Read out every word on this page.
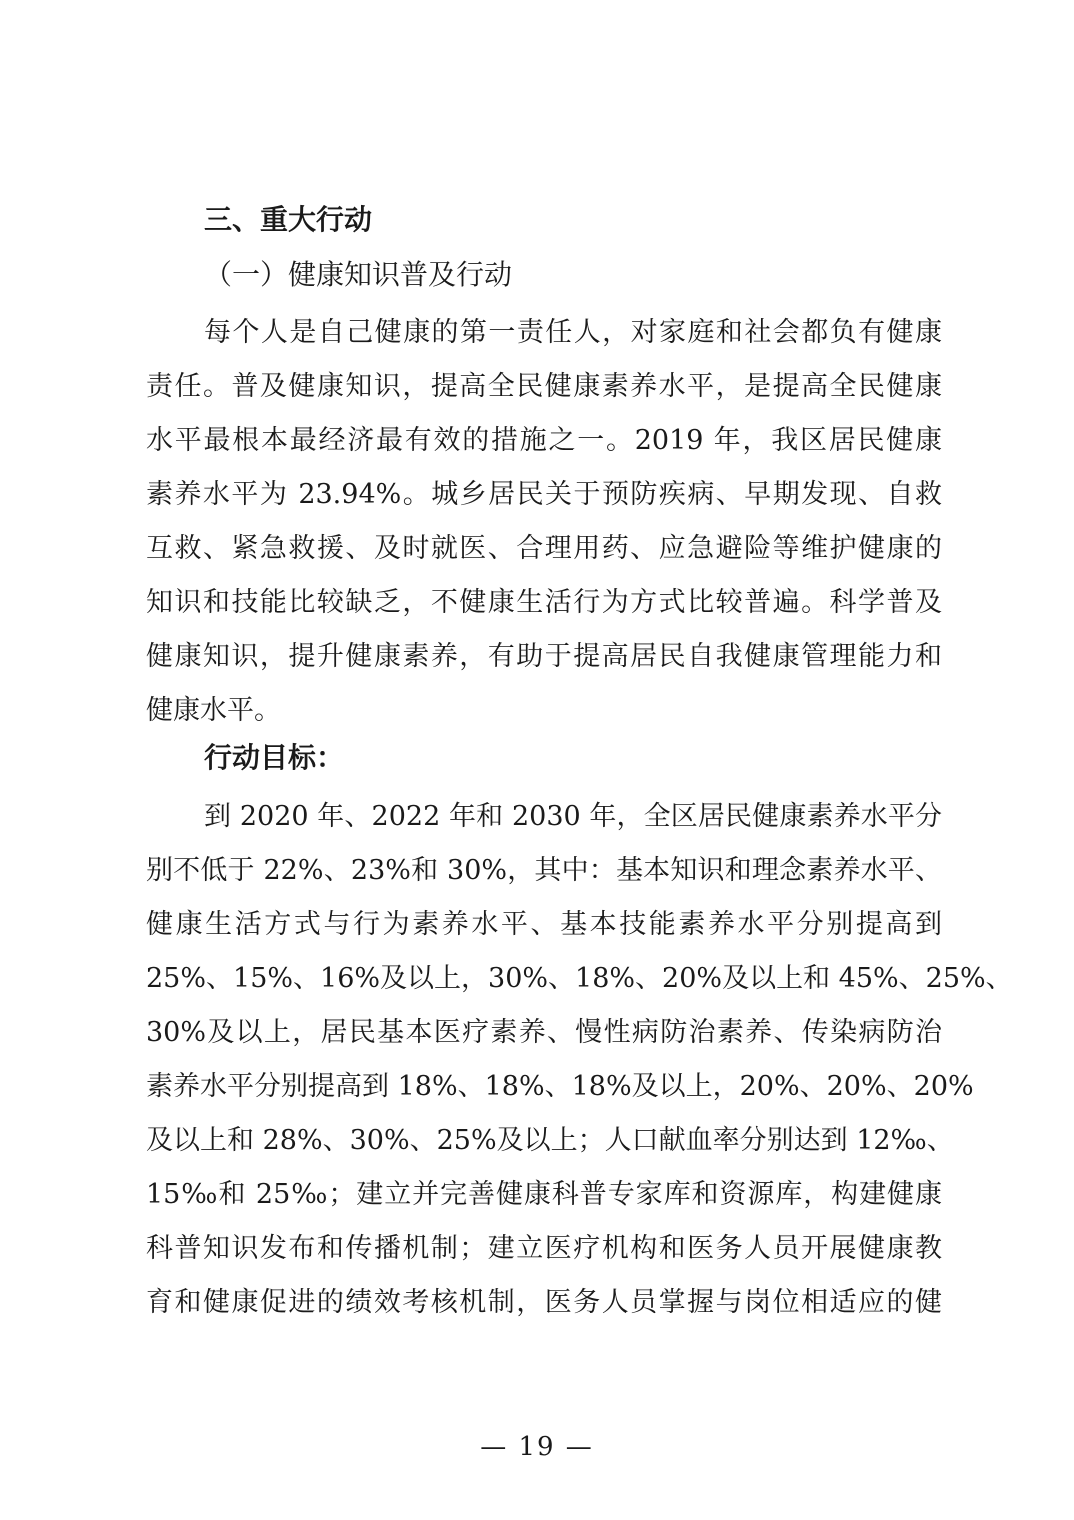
三、重大行动
（一）健康知识普及行动
每个人是自己健康的第一责任人，对家庭和社会都负有健康
责任。普及健康知识，提高全民健康素养水平，是提高全民健康
水平最根本最经济最有效的措施之一。2019 年，我区居民健康
素养水平为 23.94%。城乡居民关于预防疾病、早期发现、自救
互救、紧急救援、及时就医、合理用药、应急避险等维护健康的
知识和技能比较缺乏，不健康生活行为方式比较普遍。科学普及
健康知识，提升健康素养，有助于提高居民自我健康管理能力和
健康水平。
行动目标：
到 2020 年、2022 年和 2030 年，全区居民健康素养水平分
别不低于 22%、23%和 30%，其中：基本知识和理念素养水平、
健康生活方式与行为素养水平、基本技能素养水平分别提高到
25%、15%、16%及以上，30%、18%、20%及以上和 45%、25%、
30%及以上，居民基本医疗素养、慢性病防治素养、传染病防治
素养水平分别提高到 18%、18%、18%及以上，20%、20%、20%
及以上和 28%、30%、25%及以上；人口献血率分别达到 12‰、
15‰和 25‰；建立并完善健康科普专家库和资源库，构建健康
科普知识发布和传播机制；建立医疗机构和医务人员开展健康教
育和健康促进的绩效考核机制，医务人员掌握与岗位相适应的健
— 19 —
